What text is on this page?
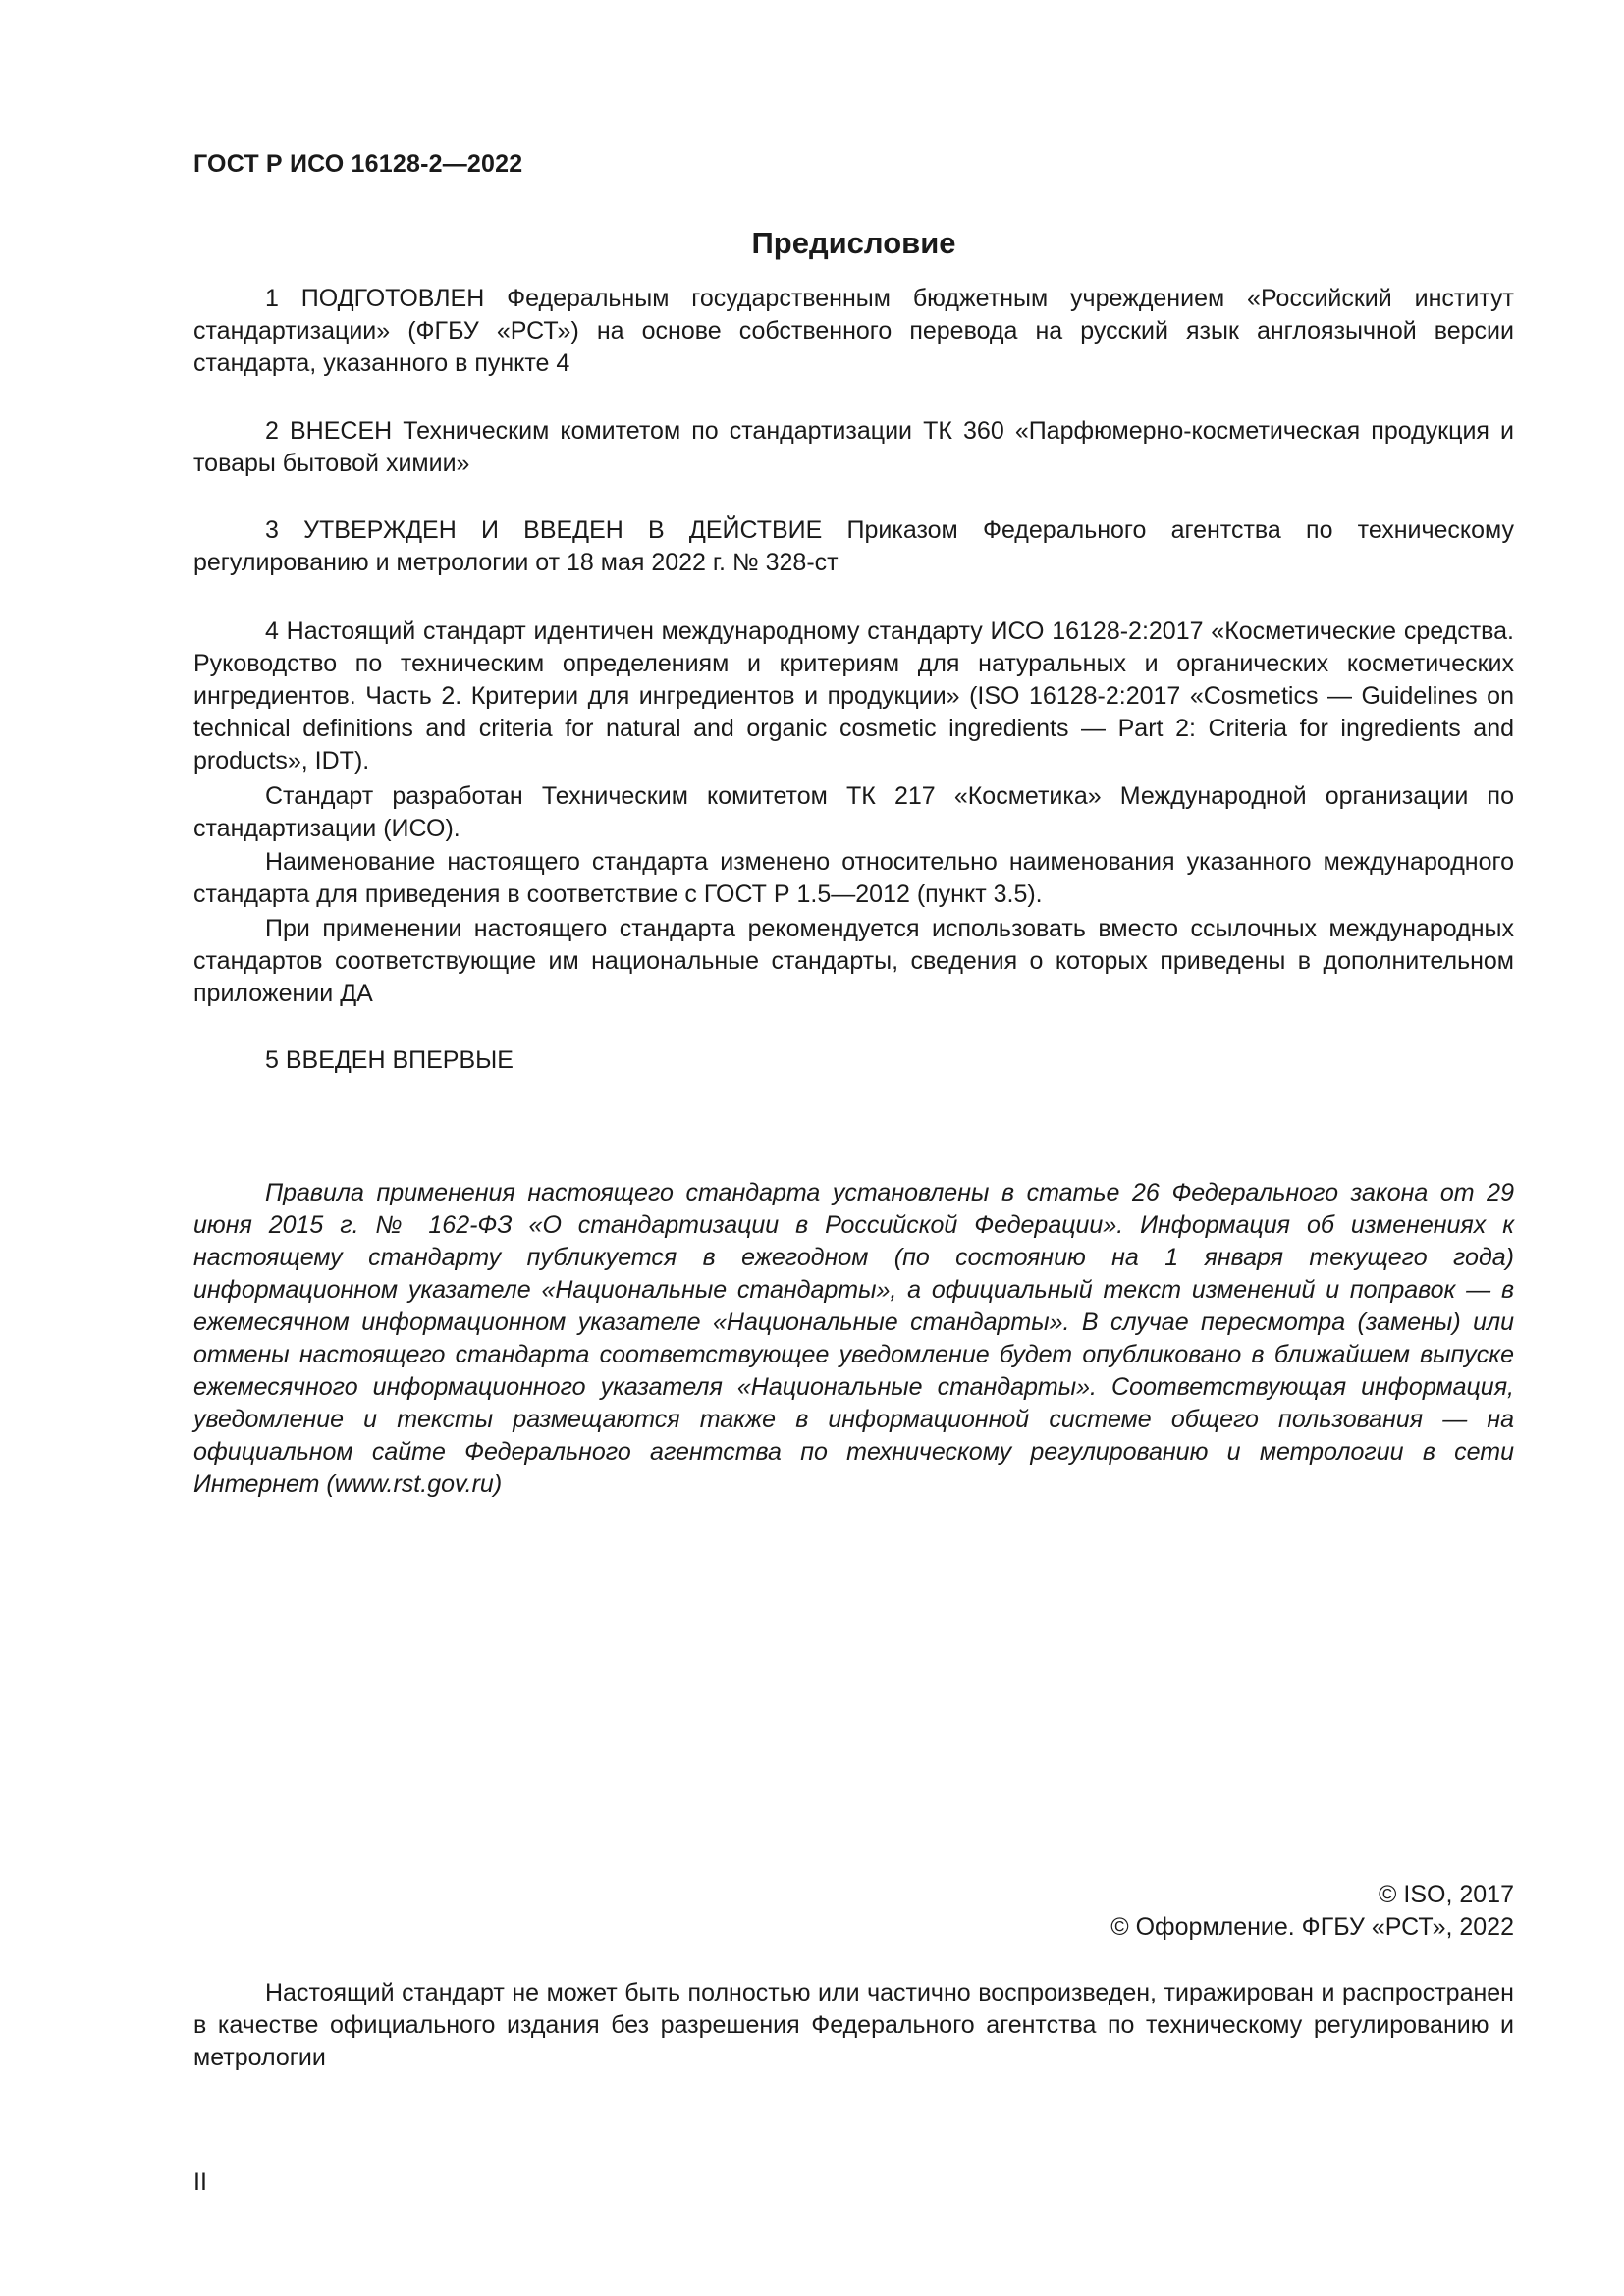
ГОСТ Р ИСО 16128-2—2022
Предисловие

1 ПОДГОТОВЛЕН Федеральным государственным бюджетным учреждением «Российский институт стандартизации» (ФГБУ «РСТ») на основе собственного перевода на русский язык англоязычной версии стандарта, указанного в пункте 4

2 ВНЕСЕН Техническим комитетом по стандартизации ТК 360 «Парфюмерно-косметическая продукция и товары бытовой химии»

3 УТВЕРЖДЕН И ВВЕДЕН В ДЕЙСТВИЕ Приказом Федерального агентства по техническому регулированию и метрологии от 18 мая 2022 г. № 328-ст

4 Настоящий стандарт идентичен международному стандарту ИСО 16128-2:2017 «Косметические средства. Руководство по техническим определениям и критериям для натуральных и органических косметических ингредиентов. Часть 2. Критерии для ингредиентов и продукции» (ISO 16128-2:2017 «Cosmetics — Guidelines on technical definitions and criteria for natural and organic cosmetic ingredients — Part 2: Criteria for ingredients and products», IDT).

Стандарт разработан Техническим комитетом ТК 217 «Косметика» Международной организации по стандартизации (ИСО).

Наименование настоящего стандарта изменено относительно наименования указанного международного стандарта для приведения в соответствие с ГОСТ Р 1.5—2012 (пункт 3.5).

При применении настоящего стандарта рекомендуется использовать вместо ссылочных международных стандартов соответствующие им национальные стандарты, сведения о которых приведены в дополнительном приложении ДА

5 ВВЕДЕН ВПЕРВЫЕ

Правила применения настоящего стандарта установлены в статье 26 Федерального закона от 29 июня 2015 г. № 162-ФЗ «О стандартизации в Российской Федерации». Информация об изменениях к настоящему стандарту публикуется в ежегодном (по состоянию на 1 января текущего года) информационном указателе «Национальные стандарты», а официальный текст изменений и поправок — в ежемесячном информационном указателе «Национальные стандарты». В случае пересмотра (замены) или отмены настоящего стандарта соответствующее уведомление будет опубликовано в ближайшем выпуске ежемесячного информационного указателя «Национальные стандарты». Соответствующая информация, уведомление и тексты размещаются также в информационной системе общего пользования — на официальном сайте Федерального агентства по техническому регулированию и метрологии в сети Интернет (www.rst.gov.ru)

© ISO, 2017

© Оформление. ФГБУ «РСТ», 2022

Настоящий стандарт не может быть полностью или частично воспроизведен, тиражирован и распространен в качестве официального издания без разрешения Федерального агентства по техническому регулированию и метрологии

II
